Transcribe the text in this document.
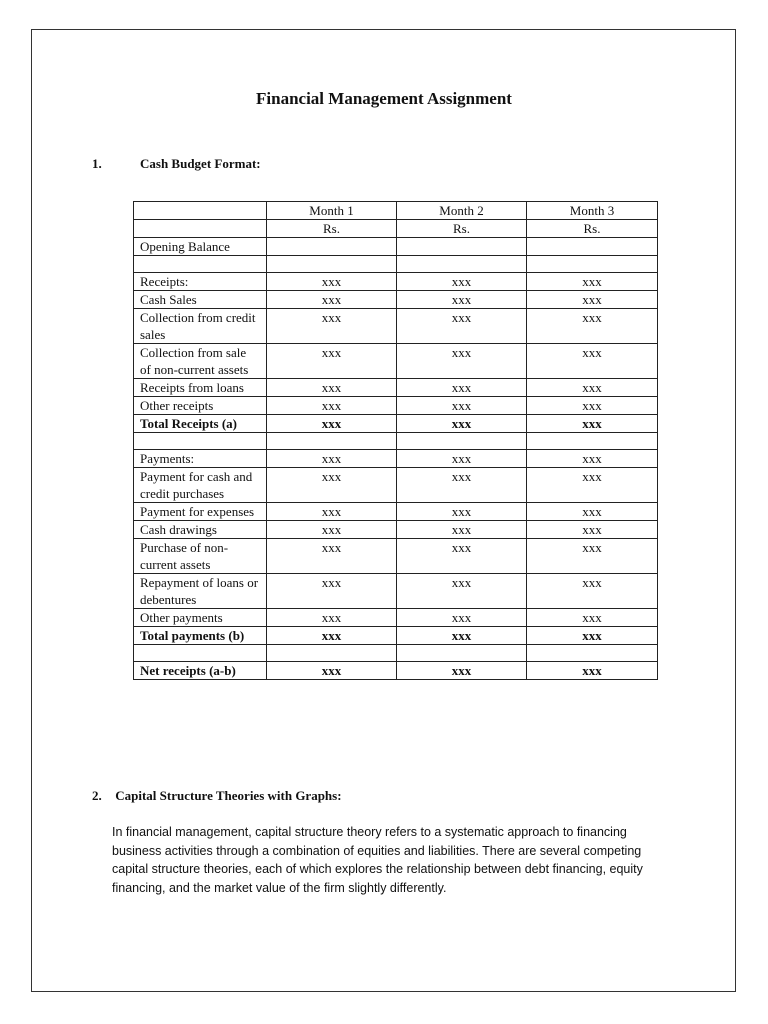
Financial Management Assignment
1.	Cash Budget Format:
	Month 1	Month 2	Month 3
	Rs.	Rs.	Rs.
Opening Balance			

Receipts:	xxx	xxx	xxx
Cash Sales	xxx	xxx	xxx
Collection from credit sales	xxx	xxx	xxx
Collection from sale of non-current assets	xxx	xxx	xxx
Receipts from loans	xxx	xxx	xxx
Other receipts	xxx	xxx	xxx
Total Receipts (a)	xxx	xxx	xxx

Payments:	xxx	xxx	xxx
Payment for cash and credit purchases	xxx	xxx	xxx
Payment for expenses	xxx	xxx	xxx
Cash drawings	xxx	xxx	xxx
Purchase of non-current assets	xxx	xxx	xxx
Repayment of loans or debentures	xxx	xxx	xxx
Other payments	xxx	xxx	xxx
Total payments (b)	xxx	xxx	xxx

Net receipts (a-b)	xxx	xxx	xxx
2. Capital Structure Theories with Graphs:

In financial management, capital structure theory refers to a systematic approach to financing business activities through a combination of equities and liabilities. There are several competing capital structure theories, each of which explores the relationship between debt financing, equity financing, and the market value of the firm slightly differently.
